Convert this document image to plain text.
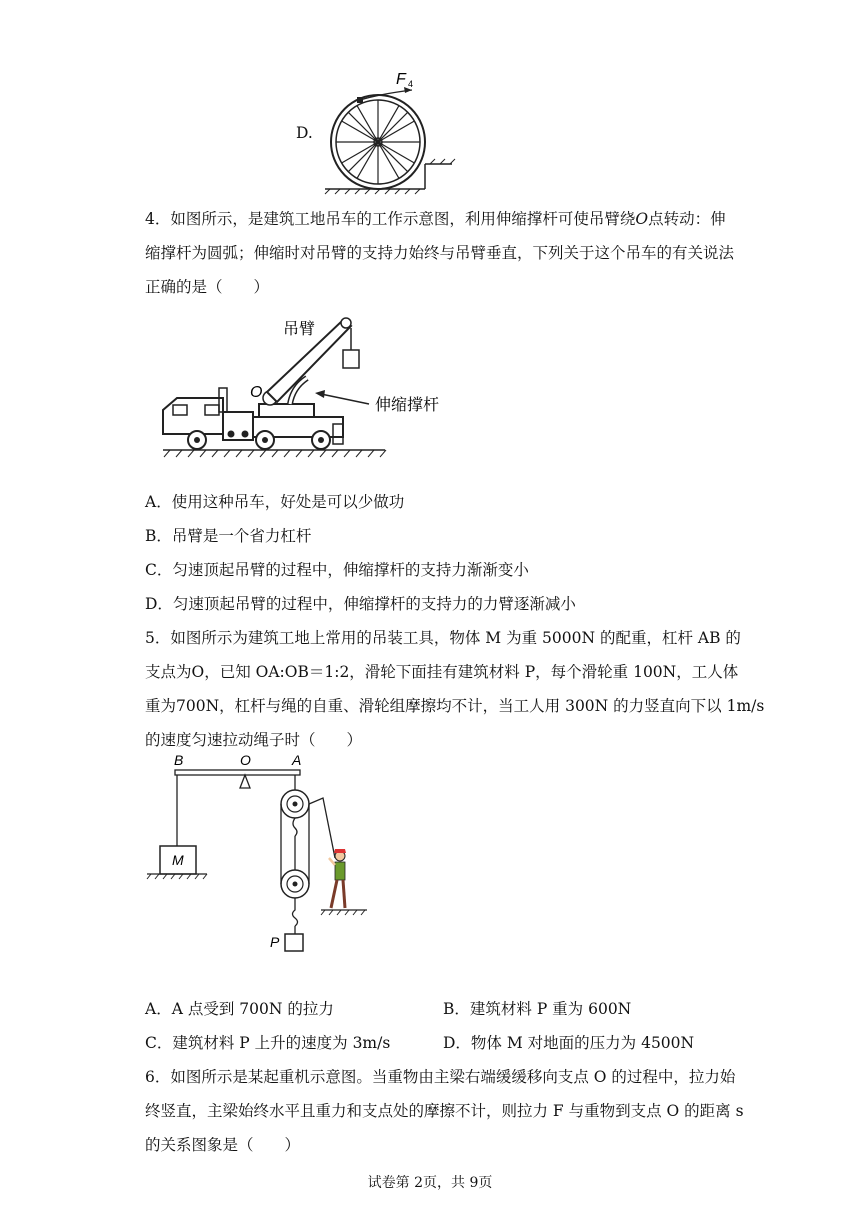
D.
F 4
4．如图所示，是建筑工地吊车的工作示意图，利用伸缩撑杆可使吊臂绕O点转动：伸
缩撑杆为圆弧；伸缩时对吊臂的支持力始终与吊臂垂直，下列关于这个吊车的有关说法
正确的是（　　）
O
吊臂
伸缩撑杆
A．使用这种吊车，好处是可以少做功
B．吊臂是一个省力杠杆
C．匀速顶起吊臂的过程中，伸缩撑杆的支持力渐渐变小
D．匀速顶起吊臂的过程中，伸缩撑杆的支持力的力臂逐渐减小
5．如图所示为建筑工地上常用的吊装工具，物体 M 为重 5000N 的配重，杠杆 AB 的
支点为O，已知 OA:OB＝1:2，滑轮下面挂有建筑材料 P，每个滑轮重 100N，工人体
重为700N，杠杆与绳的自重、滑轮组摩擦均不计，当工人用 300N 的力竖直向下以 1m/s
的速度匀速拉动绳子时（　　）
B	O	A
M
P
A．A 点受到 700N 的拉力	B．建筑材料 P 重为 600N
C．建筑材料 P 上升的速度为 3m/s	D．物体 M 对地面的压力为 4500N
6．如图所示是某起重机示意图。当重物由主梁右端缓缓移向支点 O 的过程中，拉力始
终竖直，主梁始终水平且重力和支点处的摩擦不计，则拉力 F 与重物到支点 O 的距离 s
的关系图象是（　　）
试卷第 2页，共 9页
